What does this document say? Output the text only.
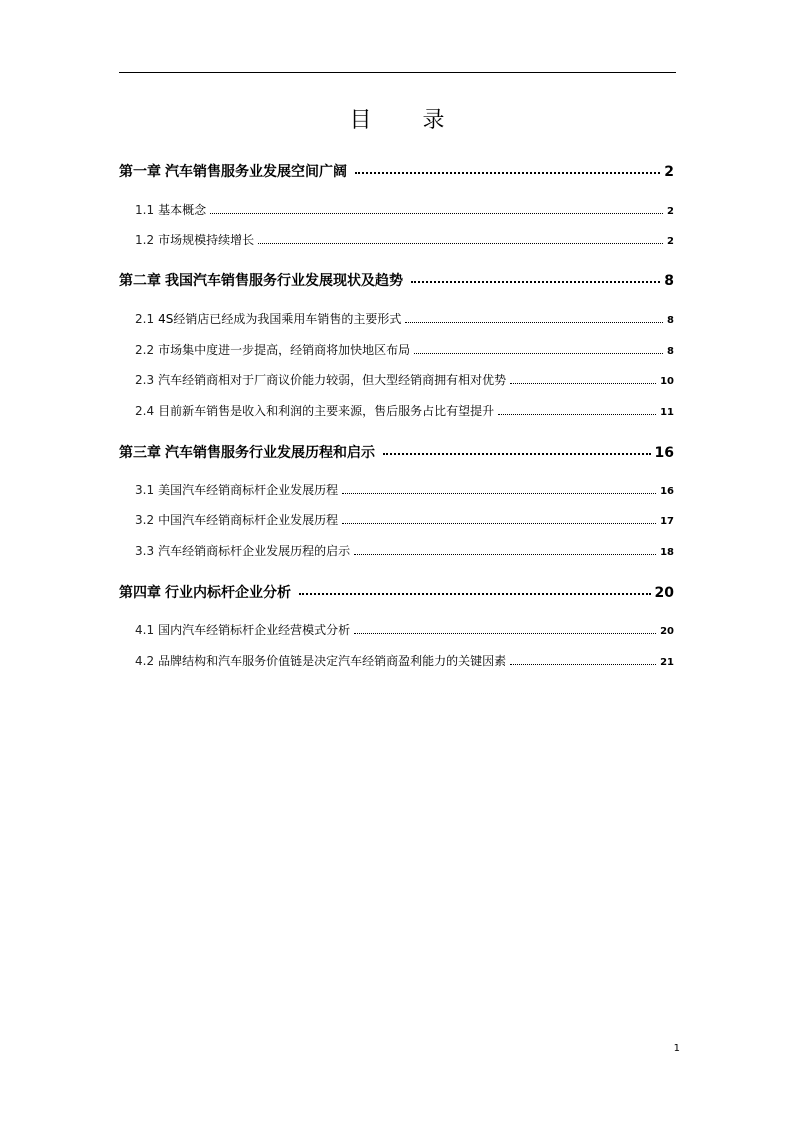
目 录
第一章 汽车销售服务业发展空间广阔	2
1.1 基本概念	2
1.2 市场规模持续增长	2
第二章 我国汽车销售服务行业发展现状及趋势	8
2.1 4S经销店已经成为我国乘用车销售的主要形式	8
2.2 市场集中度进一步提高，经销商将加快地区布局	8
2.3 汽车经销商相对于厂商议价能力较弱，但大型经销商拥有相对优势	10
2.4 目前新车销售是收入和利润的主要来源，售后服务占比有望提升	11
第三章 汽车销售服务行业发展历程和启示	16
3.1 美国汽车经销商标杆企业发展历程	16
3.2 中国汽车经销商标杆企业发展历程	17
3.3 汽车经销商标杆企业发展历程的启示	18
第四章 行业内标杆企业分析	20
4.1 国内汽车经销标杆企业经营模式分析	20
4.2 品牌结构和汽车服务价值链是决定汽车经销商盈利能力的关键因素	21
1
